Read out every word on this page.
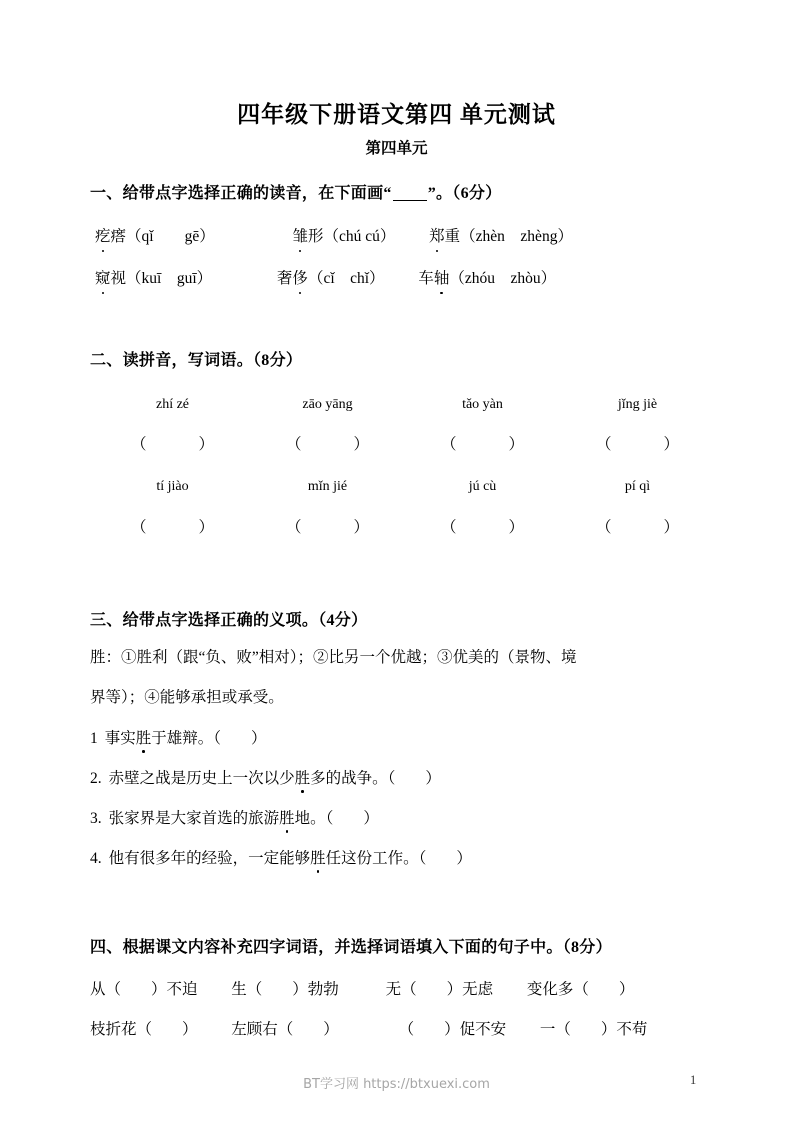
四年级下册语文第四 单元测试
第四单元
一、给带点字选择正确的读音，在下面画“ ”。（6分）
疙瘩（qǐ　　gē）	雏形（chú cú） 郑重（zhèn　zhèng）
窥视（kuī　guī）	奢侈（cǐ　chǐ） 车轴（zhóu　zhòu）
二、读拼音，写词语。（8分）
zhí zé	zāo yāng	tǎo yàn	jǐng jiè
（	）	（	）	（	）	（	）
tí jiào	mǐn jié	jú cù	pí qì
（	）	（	）	（	）	（	）
三、给带点字选择正确的义项。（4分）
胜：①胜利（跟“负、败”相对）；②比另一个优越；③优美的（景物、境
界等）；④能够承担或承受。
1 事实胜于雄辩。（ ）
2. 赤壁之战是历史上一次以少胜多的战争。（ ）
3. 张家界是大家首选的旅游胜地。（ ）
4. 他有很多年的经验，一定能够胜任这份工作。（ ）
四、根据课文内容补充四字词语，并选择词语填入下面的句子中。（8分）
从（ ）不迫 生（ ）勃勃	无（ ）无虑 变化多（ ）
枝折花（ ） 左顾右（ ）	（ ）促不安 一（ ）不苟
BT学习网 https://btxuexi.com	1
